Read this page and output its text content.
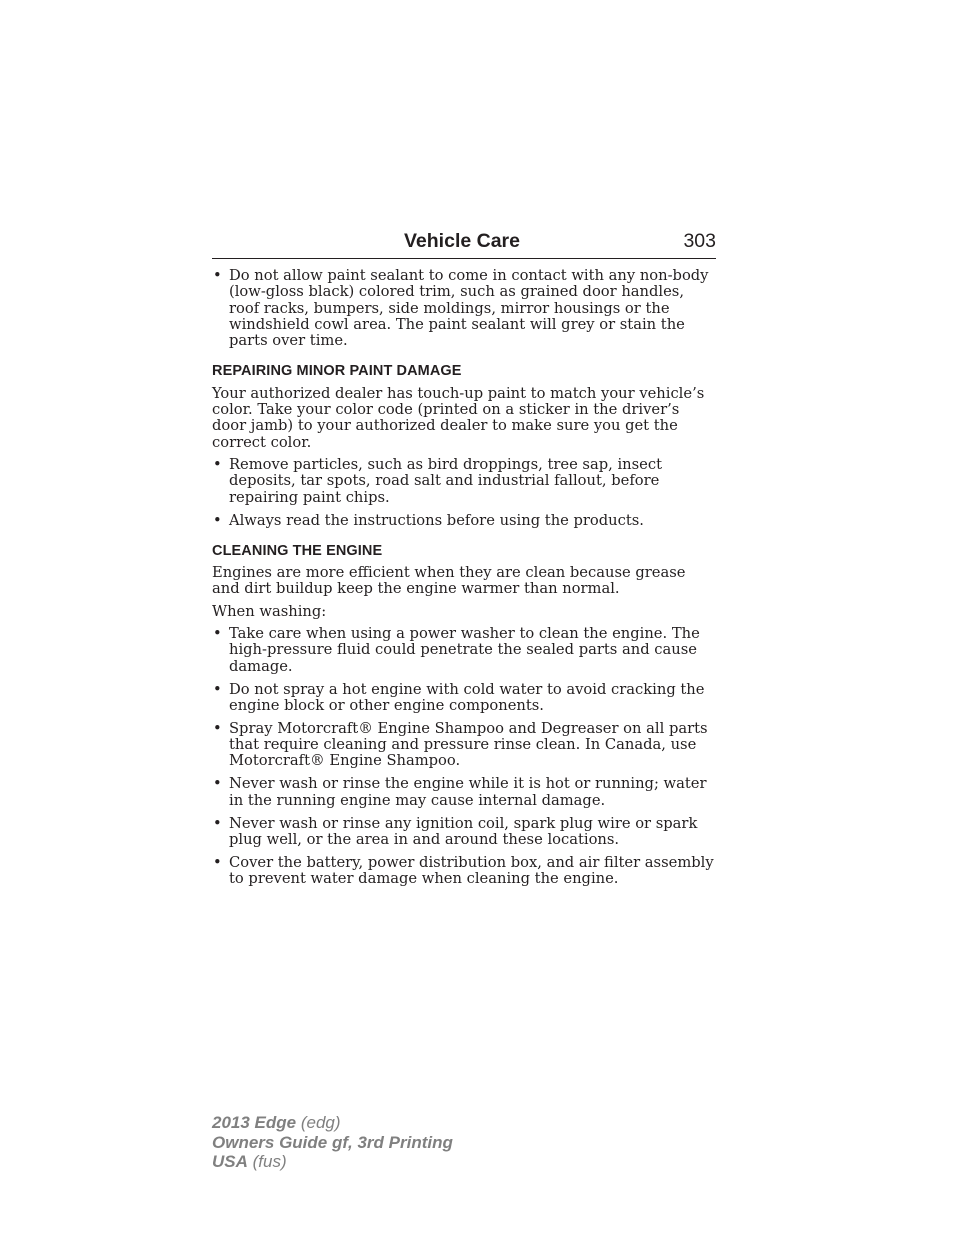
Vehicle Care	303
• Do not allow paint sealant to come in contact with any non-body (low-gloss black) colored trim, such as grained door handles, roof racks, bumpers, side moldings, mirror housings or the windshield cowl area. The paint sealant will grey or stain the parts over time.
REPAIRING MINOR PAINT DAMAGE

Your authorized dealer has touch-up paint to match your vehicle’s color. Take your color code (printed on a sticker in the driver’s door jamb) to your authorized dealer to make sure you get the correct color.

• Remove particles, such as bird droppings, tree sap, insect deposits, tar spots, road salt and industrial fallout, before repairing paint chips.
• Always read the instructions before using the products.
CLEANING THE ENGINE

Engines are more efficient when they are clean because grease and dirt buildup keep the engine warmer than normal.

When washing:

• Take care when using a power washer to clean the engine. The high-pressure fluid could penetrate the sealed parts and cause damage.
• Do not spray a hot engine with cold water to avoid cracking the engine block or other engine components.
• Spray Motorcraft® Engine Shampoo and Degreaser on all parts that require cleaning and pressure rinse clean. In Canada, use Motorcraft® Engine Shampoo.
• Never wash or rinse the engine while it is hot or running; water in the running engine may cause internal damage.
• Never wash or rinse any ignition coil, spark plug wire or spark plug well, or the area in and around these locations.
• Cover the battery, power distribution box, and air filter assembly to prevent water damage when cleaning the engine.
2013 Edge (edg)
Owners Guide gf, 3rd Printing
USA (fus)
